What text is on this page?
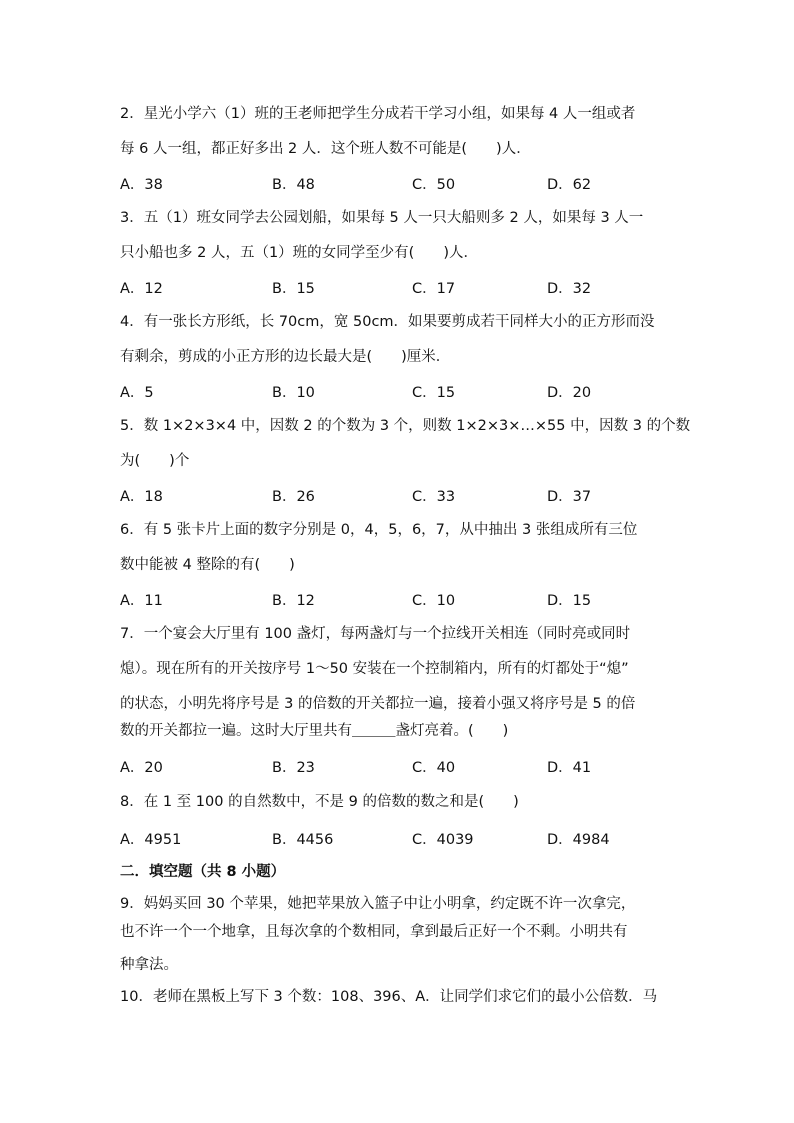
2．星光小学六（1）班的王老师把学生分成若干学习小组，如果每 4 人一组或者
每 6 人一组，都正好多出 2 人．这个班人数不可能是(　　)人．
A．38	B．48	C．50	D．62
3．五（1）班女同学去公园划船，如果每 5 人一只大船则多 2 人，如果每 3 人一
只小船也多 2 人，五（1）班的女同学至少有(　　)人．
A．12	B．15	C．17	D．32
4．有一张长方形纸，长 70cm，宽 50cm．如果要剪成若干同样大小的正方形而没
有剩余，剪成的小正方形的边长最大是(　　)厘米．
A．5	B．10	C．15	D．20
5．数 1×2×3×4 中，因数 2 的个数为 3 个，则数 1×2×3×…×55 中，因数 3 的个数
为(　　)个
A．18	B．26	C．33	D．37
6．有 5 张卡片上面的数字分别是 0，4，5，6，7，从中抽出 3 张组成所有三位
数中能被 4 整除的有(　　)
A．11	B．12	C．10	D．15
7．一个宴会大厅里有 100 盏灯，每两盏灯与一个拉线开关相连（同时亮或同时
熄）。现在所有的开关按序号 1～50 安装在一个控制箱内，所有的灯都处于“熄”
的状态，小明先将序号是 3 的倍数的开关都拉一遍，接着小强又将序号是 5 的倍
数的开关都拉一遍。这时大厅里共有＿＿＿盏灯亮着。(　　)
A．20	B．23	C．40	D．41
8．在 1 至 100 的自然数中，不是 9 的倍数的数之和是(　　)
A．4951	B．4456	C．4039	D．4984
二．填空题（共 8 小题）
9．妈妈买回 30 个苹果，她把苹果放入篮子中让小明拿，约定既不许一次拿完，
也不许一个一个地拿，且每次拿的个数相同，拿到最后正好一个不剩。小明共有
种拿法。
10．老师在黑板上写下 3 个数：108、396、A．让同学们求它们的最小公倍数．马
